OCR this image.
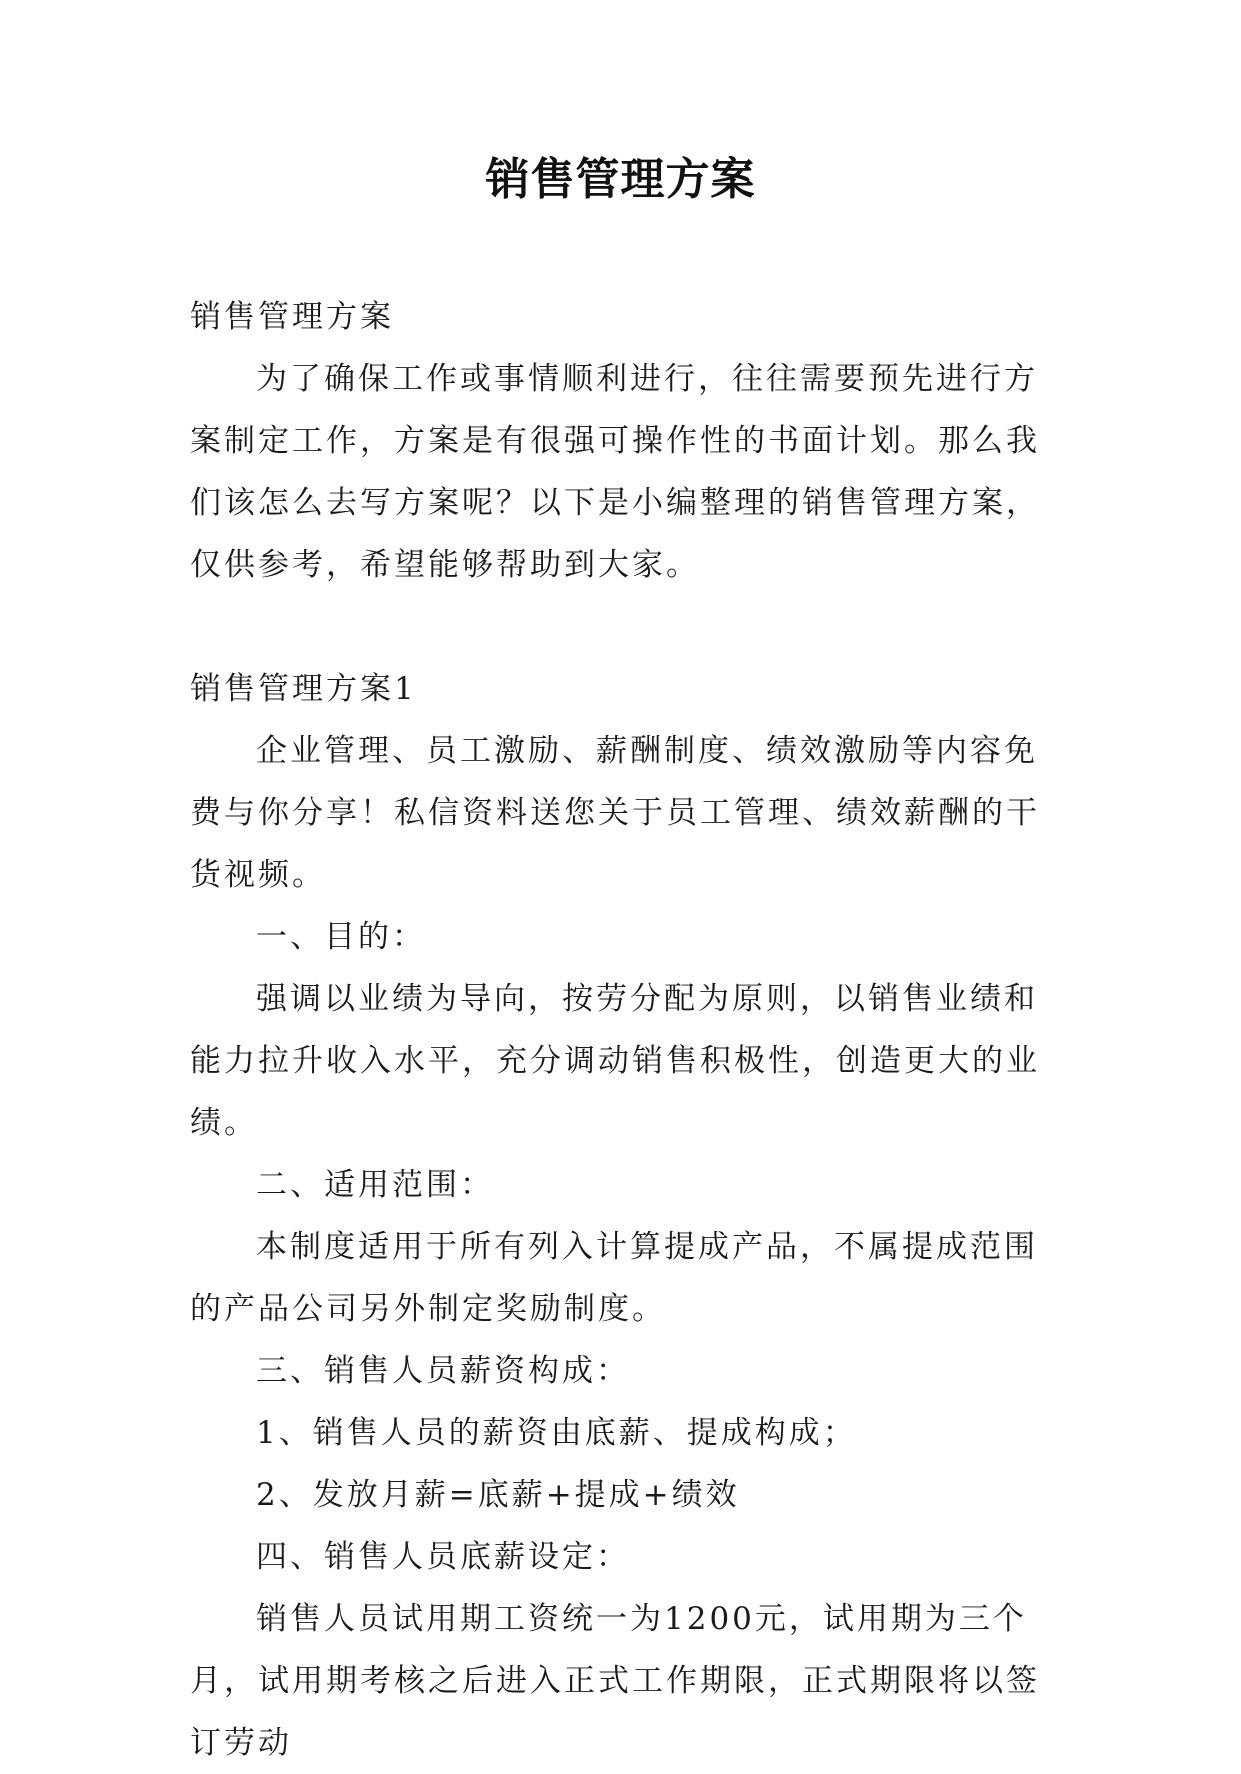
销售管理方案

销售管理方案

为了确保工作或事情顺利进行，往往需要预先进行方案制定工作，方案是有很强可操作性的书面计划。那么我们该怎么去写方案呢？以下是小编整理的销售管理方案，仅供参考，希望能够帮助到大家。

销售管理方案1

企业管理、员工激励、薪酬制度、绩效激励等内容免费与你分享！私信资料送您关于员工管理、绩效薪酬的干货视频。

一、目的：

强调以业绩为导向，按劳分配为原则，以销售业绩和能力拉升收入水平，充分调动销售积极性，创造更大的业绩。

二、适用范围：

本制度适用于所有列入计算提成产品，不属提成范围的产品公司另外制定奖励制度。

三、销售人员薪资构成：

1、销售人员的薪资由底薪、提成构成；

2、发放月薪=底薪+提成+绩效

四、销售人员底薪设定：

销售人员试用期工资统一为1200元，试用期为三个月，试用期考核之后进入正式工作期限，正式期限将以签订劳动
